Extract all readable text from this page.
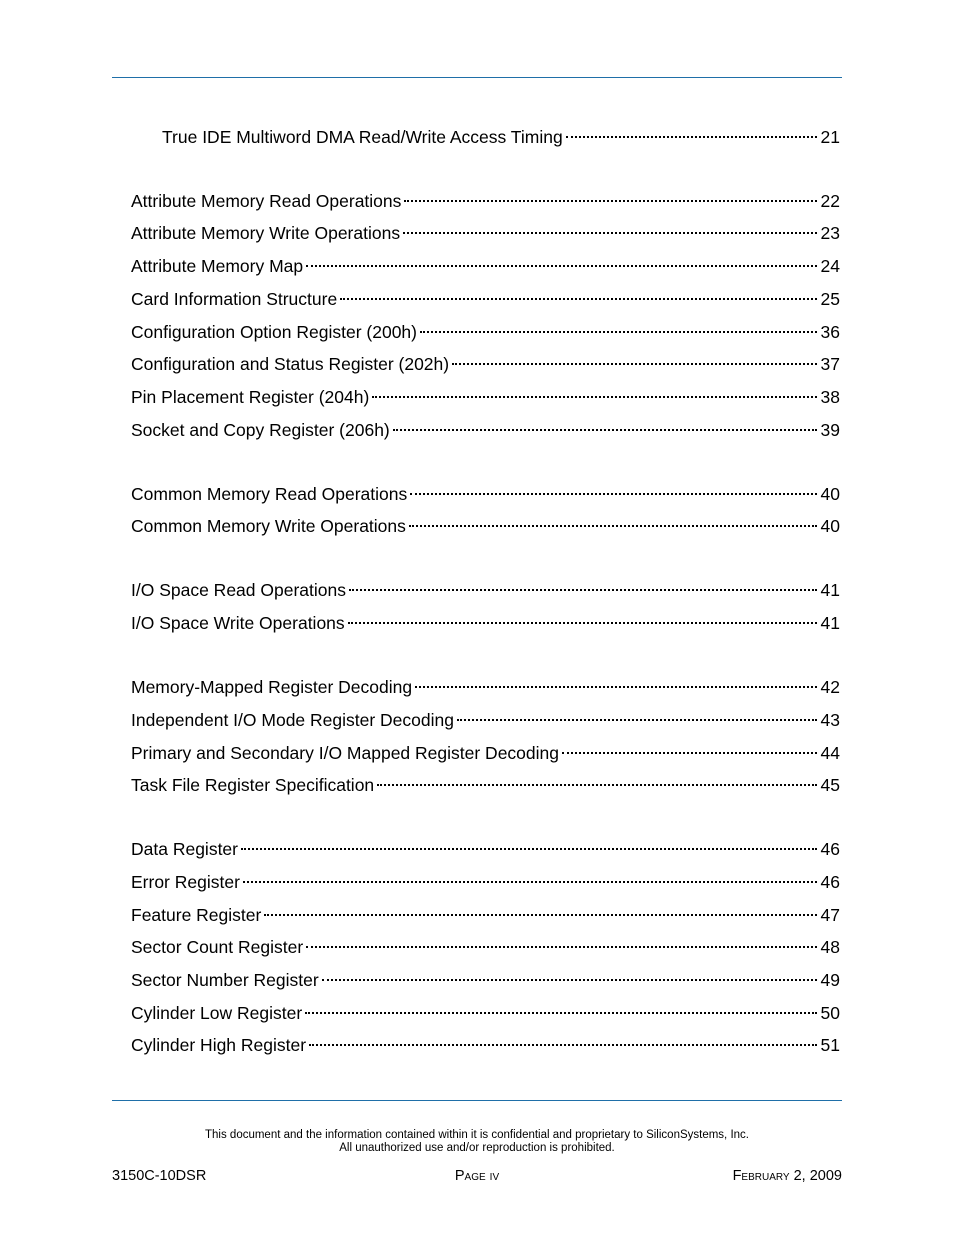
True IDE Multiword DMA Read/Write Access Timing	21
Attribute Memory Read Operations	22
Attribute Memory Write Operations	23
Attribute Memory Map	24
Card Information Structure	25
Configuration Option Register (200h)	36
Configuration and Status Register (202h)	37
Pin Placement Register (204h)	38
Socket and Copy Register (206h)	39
Common Memory Read Operations	40
Common Memory Write Operations	40
I/O Space Read Operations	41
I/O Space Write Operations	41
Memory-Mapped Register Decoding	42
Independent I/O Mode Register Decoding	43
Primary and Secondary I/O Mapped Register Decoding	44
Task File Register Specification	45
Data Register	46
Error Register	46
Feature Register	47
Sector Count Register	48
Sector Number Register	49
Cylinder Low Register	50
Cylinder High Register	51
This document and the information contained within it is confidential and proprietary to SiliconSystems, Inc.
All unauthorized use and/or reproduction is prohibited.
3150C-10DSR	Page iv	February 2, 2009
